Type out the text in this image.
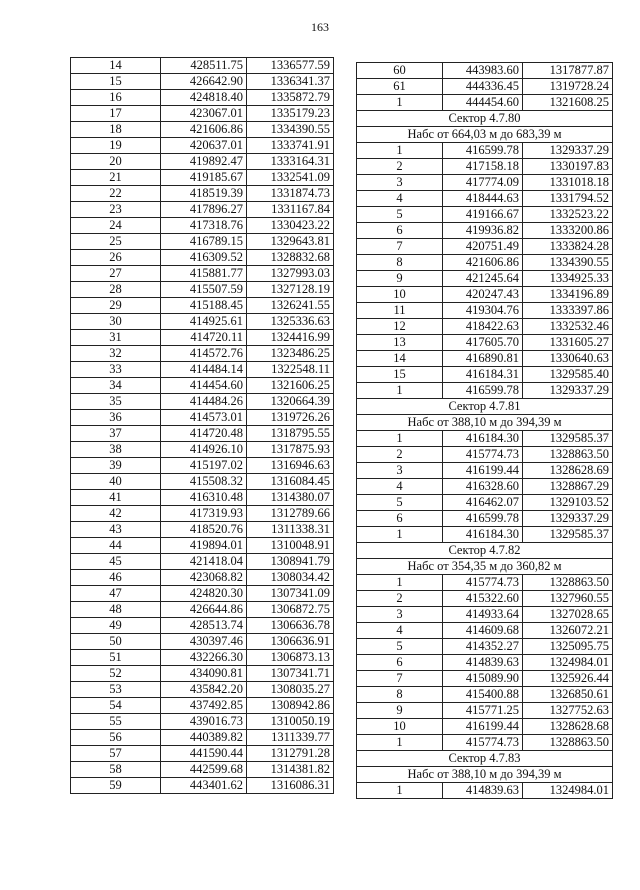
163
14	428511.75	1336577.59
15	426642.90	1336341.37
16	424818.40	1335872.79
17	423067.01	1335179.23
18	421606.86	1334390.55
19	420637.01	1333741.91
20	419892.47	1333164.31
21	419185.67	1332541.09
22	418519.39	1331874.73
23	417896.27	1331167.84
24	417318.76	1330423.22
25	416789.15	1329643.81
26	416309.52	1328832.68
27	415881.77	1327993.03
28	415507.59	1327128.19
29	415188.45	1326241.55
30	414925.61	1325336.63
31	414720.11	1324416.99
32	414572.76	1323486.25
33	414484.14	1322548.11
34	414454.60	1321606.25
35	414484.26	1320664.39
36	414573.01	1319726.26
37	414720.48	1318795.55
38	414926.10	1317875.93
39	415197.02	1316946.63
40	415508.32	1316084.45
41	416310.48	1314380.07
42	417319.93	1312789.66
43	418520.76	1311338.31
44	419894.01	1310048.91
45	421418.04	1308941.79
46	423068.82	1308034.42
47	424820.30	1307341.09
48	426644.86	1306872.75
49	428513.74	1306636.78
50	430397.46	1306636.91
51	432266.30	1306873.13
52	434090.81	1307341.71
53	435842.20	1308035.27
54	437492.85	1308942.86
55	439016.73	1310050.19
56	440389.82	1311339.77
57	441590.44	1312791.28
58	442599.68	1314381.82
59	443401.62	1316086.31
60	443983.60	1317877.87
61	444336.45	1319728.24
1	444454.60	1321608.25
Сектор 4.7.80		
Набс от 664,03 м до 683,39 м		
1	416599.78	1329337.29
2	417158.18	1330197.83
3	417774.09	1331018.18
4	418444.63	1331794.52
5	419166.67	1332523.22
6	419936.82	1333200.86
7	420751.49	1333824.28
8	421606.86	1334390.55
9	421245.64	1334925.33
10	420247.43	1334196.89
11	419304.76	1333397.86
12	418422.63	1332532.46
13	417605.70	1331605.27
14	416890.81	1330640.63
15	416184.31	1329585.40
1	416599.78	1329337.29
Сектор 4.7.81		
Набс от 388,10 м до 394,39 м		
1	416184.30	1329585.37
2	415774.73	1328863.50
3	416199.44	1328628.69
4	416328.60	1328867.29
5	416462.07	1329103.52
6	416599.78	1329337.29
1	416184.30	1329585.37
Сектор 4.7.82		
Набс от 354,35 м до 360,82 м		
1	415774.73	1328863.50
2	415322.60	1327960.55
3	414933.64	1327028.65
4	414609.68	1326072.21
5	414352.27	1325095.75
6	414839.63	1324984.01
7	415089.90	1325926.44
8	415400.88	1326850.61
9	415771.25	1327752.63
10	416199.44	1328628.68
1	415774.73	1328863.50
Сектор 4.7.83		
Набс от 388,10 м до 394,39 м		
1	414839.63	1324984.01
